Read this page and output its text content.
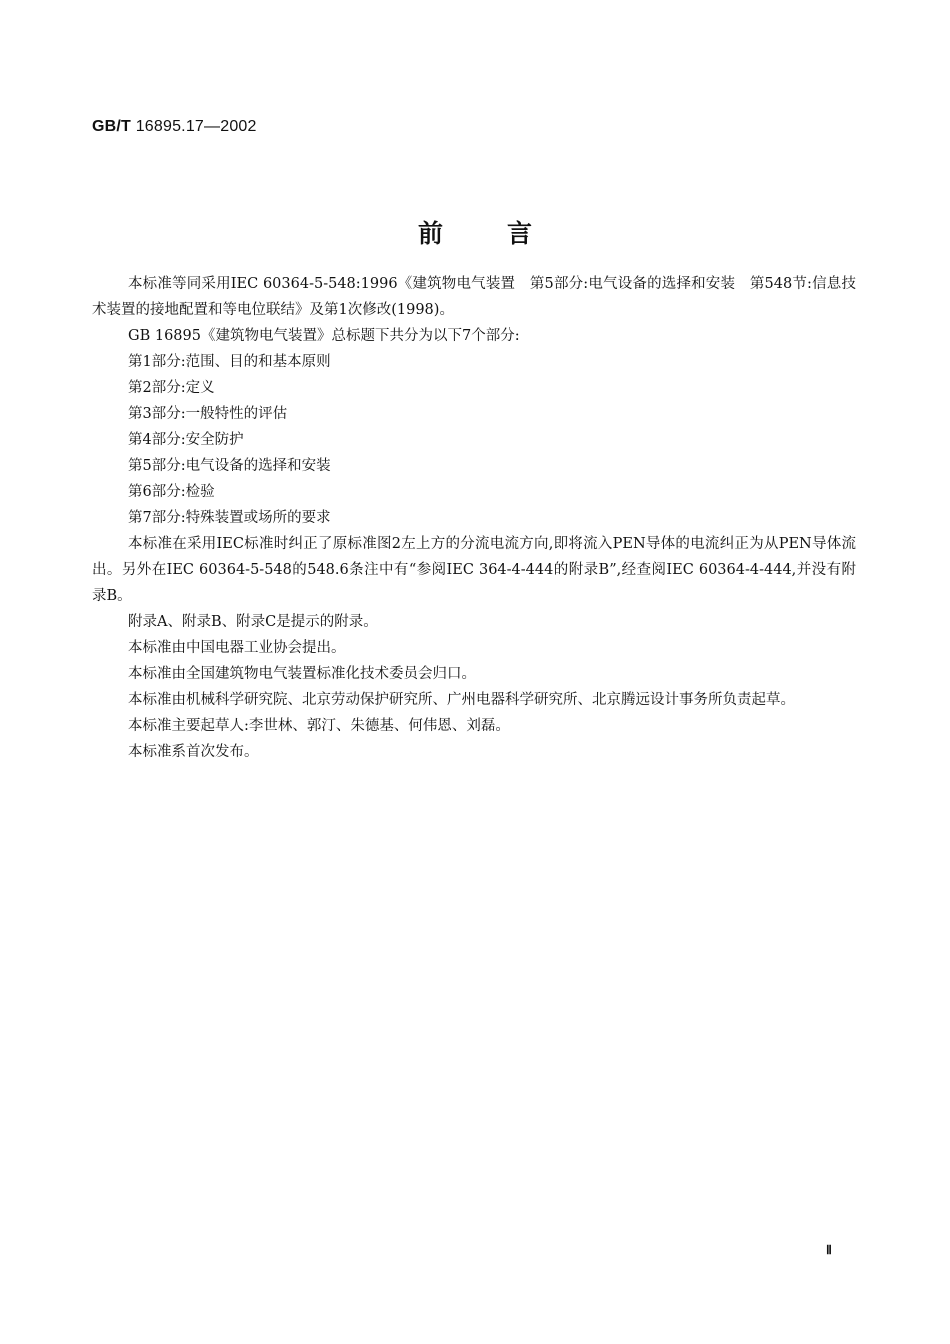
GB/T 16895.17—2002
前言

本标准等同采用IEC 60364-5-548:1996《建筑物电气装置　第5部分:电气设备的选择和安装　第548节:信息技术装置的接地配置和等电位联结》及第1次修改(1998)。

GB 16895《建筑物电气装置》总标题下共分为以下7个部分:

第1部分:范围、目的和基本原则

第2部分:定义

第3部分:一般特性的评估

第4部分:安全防护

第5部分:电气设备的选择和安装

第6部分:检验

第7部分:特殊装置或场所的要求

本标准在采用IEC标准时纠正了原标准图2左上方的分流电流方向,即将流入PEN导体的电流纠正为从PEN导体流出。另外在IEC 60364-5-548的548.6条注中有“参阅IEC 364-4-444的附录B”,经查阅IEC 60364-4-444,并没有附录B。

附录A、附录B、附录C是提示的附录。

本标准由中国电器工业协会提出。

本标准由全国建筑物电气装置标准化技术委员会归口。

本标准由机械科学研究院、北京劳动保护研究所、广州电器科学研究所、北京腾远设计事务所负责起草。

本标准主要起草人:李世林、郭汀、朱德基、何伟恩、刘磊。

本标准系首次发布。

Ⅱ
